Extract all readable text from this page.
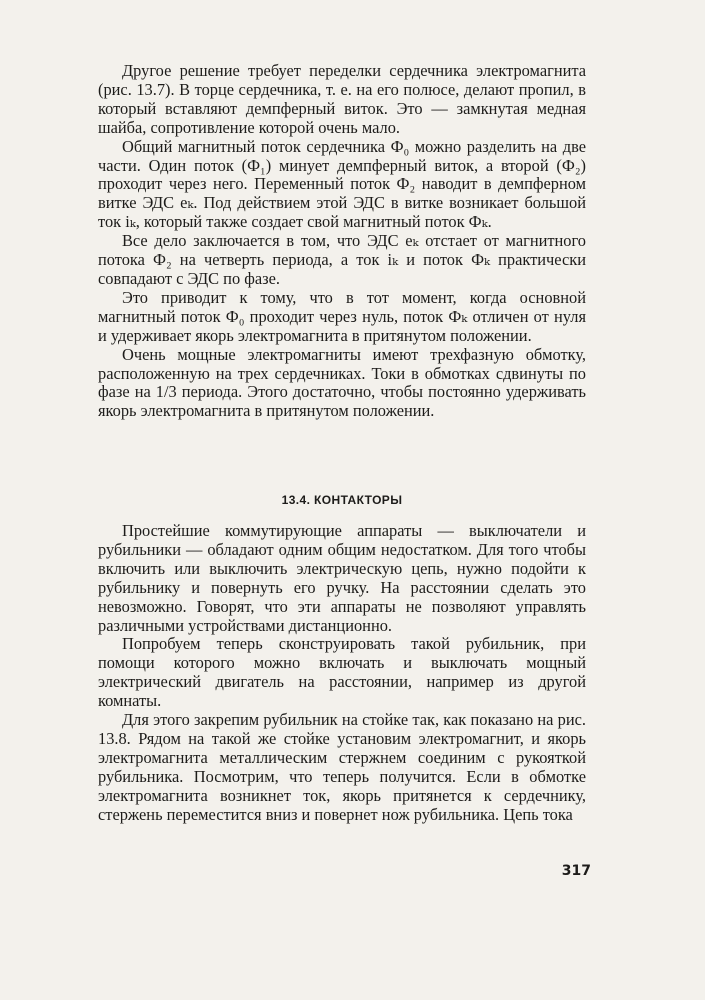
Другое решение требует переделки сердечника электромагнита (рис. 13.7). В торце сердечника, т. е. на его полюсе, делают пропил, в который вставляют демпферный виток. Это — замкнутая медная шайба, сопротивление которой очень мало.

Общий магнитный поток сердечника Ф₀ можно разделить на две части. Один поток (Ф₁) минует демпферный виток, а второй (Ф₂) проходит через него. Переменный поток Ф₂ наводит в демпферном витке ЭДС eₖ. Под действием этой ЭДС в витке возникает большой ток iₖ, который также создает свой магнитный поток Фₖ.

Все дело заключается в том, что ЭДС eₖ отстает от магнитного потока Ф₂ на четверть периода, а ток iₖ и поток Фₖ практически совпадают с ЭДС по фазе.

Это приводит к тому, что в тот момент, когда основной магнитный поток Ф₀ проходит через нуль, поток Фₖ отличен от нуля и удерживает якорь электромагнита в притянутом положении.

Очень мощные электромагниты имеют трехфазную обмотку, расположенную на трех сердечниках. Токи в обмотках сдвинуты по фазе на 1/3 периода. Этого достаточно, чтобы постоянно удерживать якорь электромагнита в притянутом положении.

13.4. КОНТАКТОРЫ

Простейшие коммутирующие аппараты — выключатели и рубильники — обладают одним общим недостатком. Для того чтобы включить или выключить электрическую цепь, нужно подойти к рубильнику и повернуть его ручку. На расстоянии сделать это невозможно. Говорят, что эти аппараты не позволяют управлять различными устройствами дистанционно.

Попробуем теперь сконструировать такой рубильник, при помощи которого можно включать и выключать мощный электрический двигатель на расстоянии, например из другой комнаты.

Для этого закрепим рубильник на стойке так, как показано на рис. 13.8. Рядом на такой же стойке установим электромагнит, и якорь электромагнита металлическим стержнем соединим с рукояткой рубильника. Посмотрим, что теперь получится. Если в обмотке электромагнита возникнет ток, якорь притянется к сердечнику, стержень переместится вниз и повернет нож рубильника. Цепь тока

317
